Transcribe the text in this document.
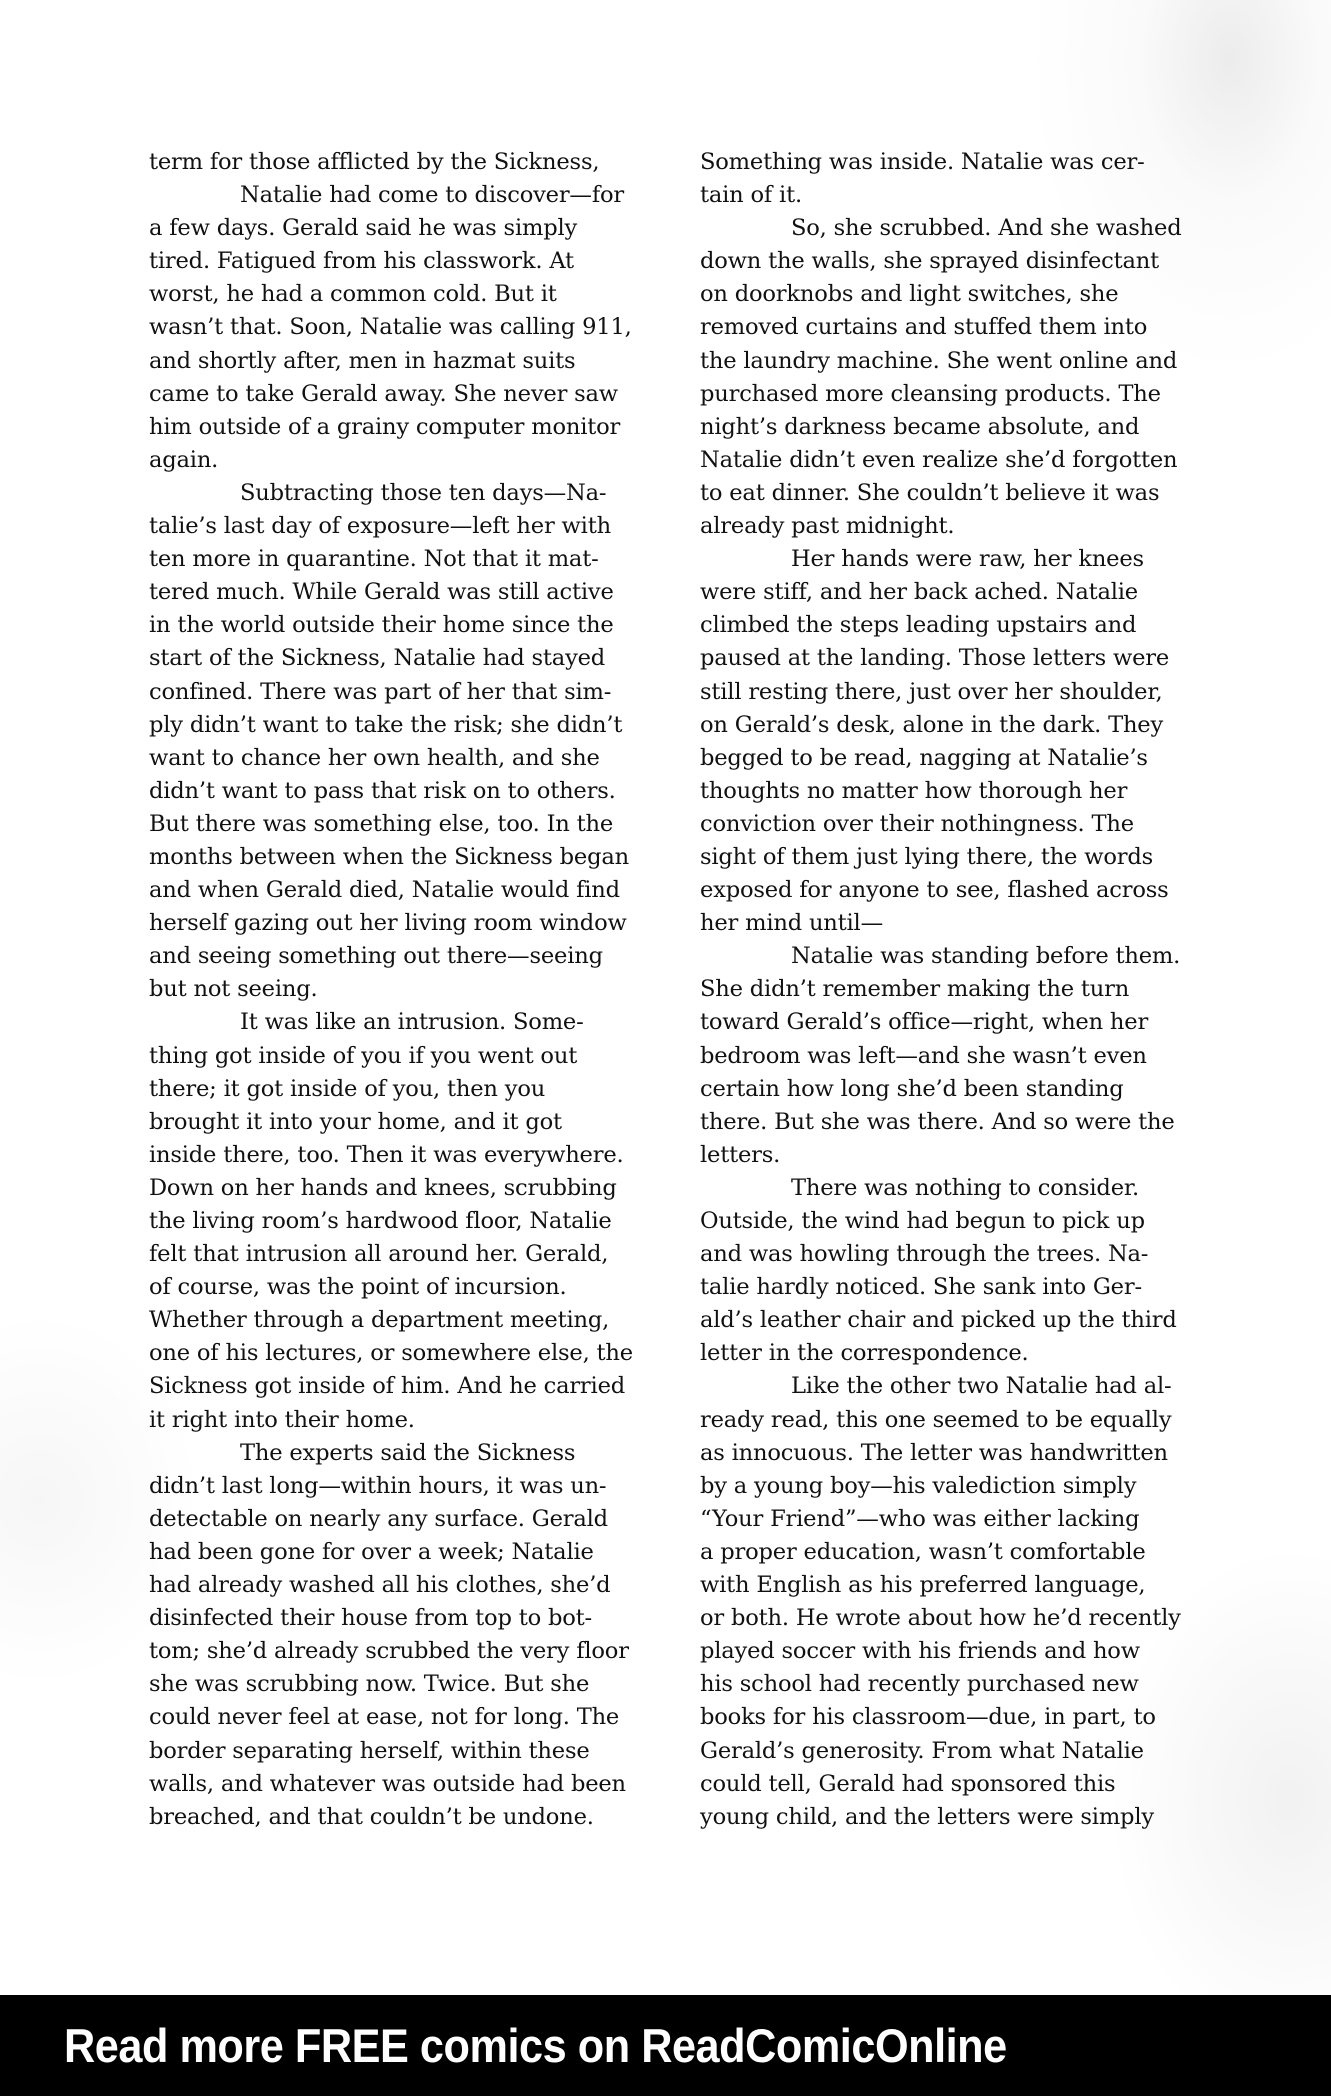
term for those afflicted by the Sickness,
Natalie had come to discover—for
a few days. Gerald said he was simply
tired. Fatigued from his classwork. At
worst, he had a common cold. But it
wasn’t that. Soon, Natalie was calling 911,
and shortly after, men in hazmat suits
came to take Gerald away. She never saw
him outside of a grainy computer monitor
again.
Subtracting those ten days—Na-
talie’s last day of exposure—left her with
ten more in quarantine. Not that it mat-
tered much. While Gerald was still active
in the world outside their home since the
start of the Sickness, Natalie had stayed
confined. There was part of her that sim-
ply didn’t want to take the risk; she didn’t
want to chance her own health, and she
didn’t want to pass that risk on to others.
But there was something else, too. In the
months between when the Sickness began
and when Gerald died, Natalie would find
herself gazing out her living room window
and seeing something out there—seeing
but not seeing.
It was like an intrusion. Some-
thing got inside of you if you went out
there; it got inside of you, then you
brought it into your home, and it got
inside there, too. Then it was everywhere.
Down on her hands and knees, scrubbing
the living room’s hardwood floor, Natalie
felt that intrusion all around her. Gerald,
of course, was the point of incursion.
Whether through a department meeting,
one of his lectures, or somewhere else, the
Sickness got inside of him. And he carried
it right into their home.
The experts said the Sickness
didn’t last long—within hours, it was un-
detectable on nearly any surface. Gerald
had been gone for over a week; Natalie
had already washed all his clothes, she’d
disinfected their house from top to bot-
tom; she’d already scrubbed the very floor
she was scrubbing now. Twice. But she
could never feel at ease, not for long. The
border separating herself, within these
walls, and whatever was outside had been
breached, and that couldn’t be undone.
Something was inside. Natalie was cer-
tain of it.
So, she scrubbed. And she washed
down the walls, she sprayed disinfectant
on doorknobs and light switches, she
removed curtains and stuffed them into
the laundry machine. She went online and
purchased more cleansing products. The
night’s darkness became absolute, and
Natalie didn’t even realize she’d forgotten
to eat dinner. She couldn’t believe it was
already past midnight.
Her hands were raw, her knees
were stiff, and her back ached. Natalie
climbed the steps leading upstairs and
paused at the landing. Those letters were
still resting there, just over her shoulder,
on Gerald’s desk, alone in the dark. They
begged to be read, nagging at Natalie’s
thoughts no matter how thorough her
conviction over their nothingness. The
sight of them just lying there, the words
exposed for anyone to see, flashed across
her mind until—
Natalie was standing before them.
She didn’t remember making the turn
toward Gerald’s office—right, when her
bedroom was left—and she wasn’t even
certain how long she’d been standing
there. But she was there. And so were the
letters.
There was nothing to consider.
Outside, the wind had begun to pick up
and was howling through the trees. Na-
talie hardly noticed. She sank into Ger-
ald’s leather chair and picked up the third
letter in the correspondence.
Like the other two Natalie had al-
ready read, this one seemed to be equally
as innocuous. The letter was handwritten
by a young boy—his valediction simply
“Your Friend”—who was either lacking
a proper education, wasn’t comfortable
with English as his preferred language,
or both. He wrote about how he’d recently
played soccer with his friends and how
his school had recently purchased new
books for his classroom—due, in part, to
Gerald’s generosity. From what Natalie
could tell, Gerald had sponsored this
young child, and the letters were simply
Read more FREE comics on ReadComicOnline
